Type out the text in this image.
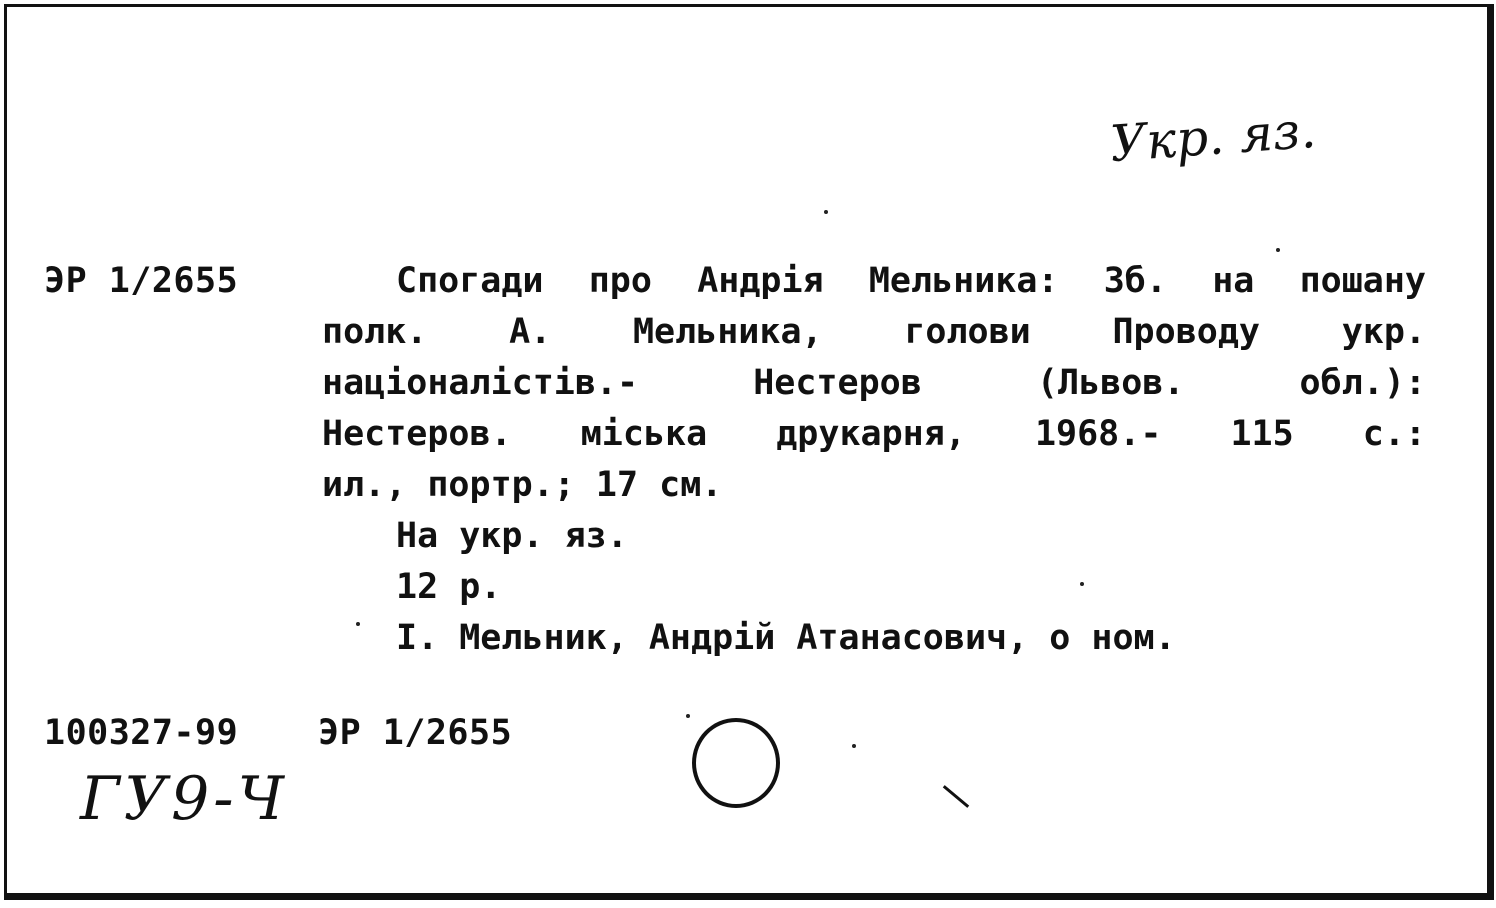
Укр. яз.
ЭР 1/2655	Спогади про Андрія Мельника: Зб. на пошану
полк. А. Мельника, голови Проводу укр.
націоналістів.- Нестеров (Львов. обл.):
Нестеров. міська друкарня, 1968.- 115 с.:
ил., портр.; 17 см.
На укр. яз.
12 р.
I. Мельник, Андрій Атанасович, о ном.
100327-99 ЭР 1/2655
ГУ9-Ч
